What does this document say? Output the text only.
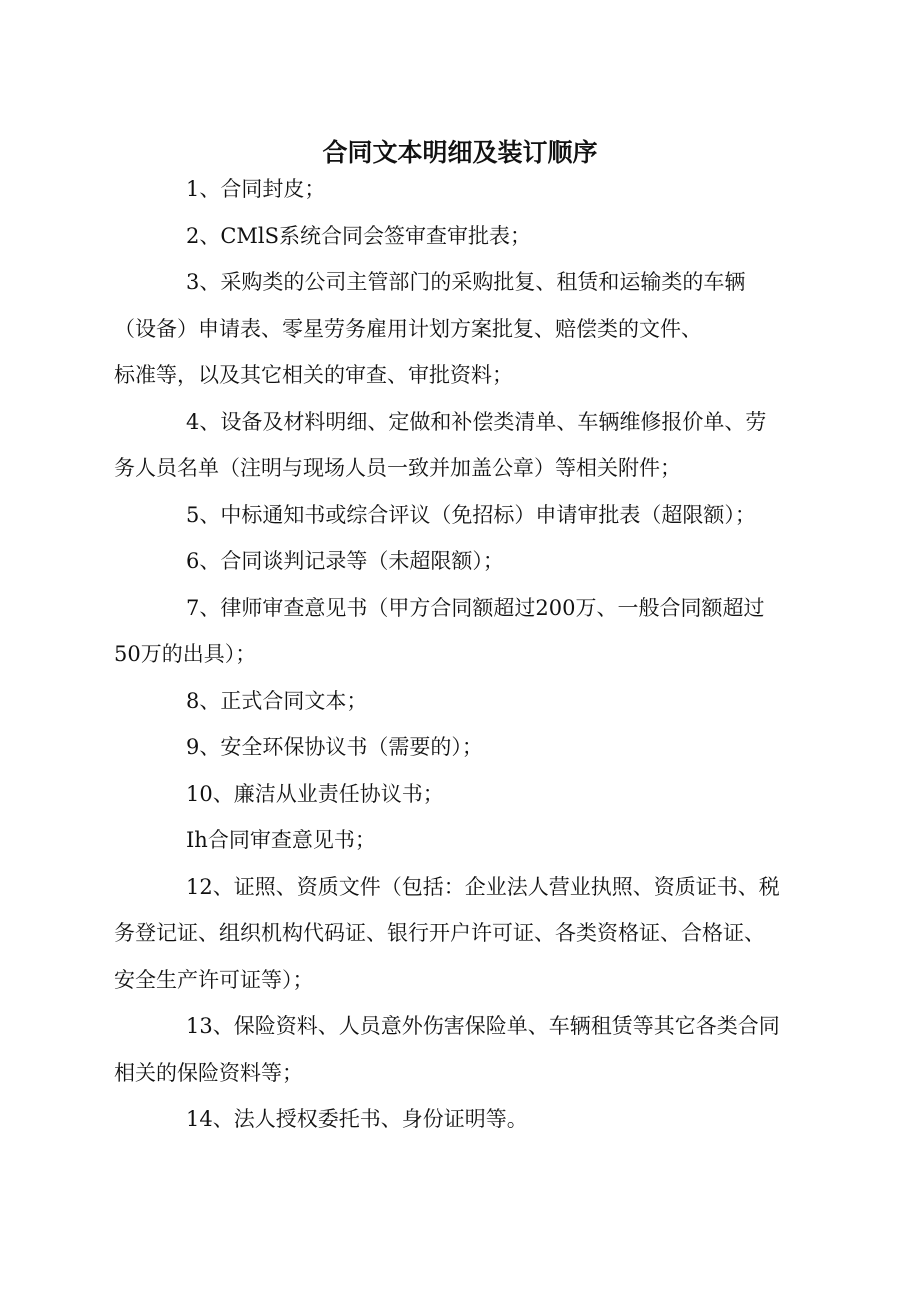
合同文本明细及装订顺序
1、合同封皮；
2、CMlS系统合同会签审查审批表；
3、采购类的公司主管部门的采购批复、租赁和运输类的车辆
（设备）申请表、零星劳务雇用计划方案批复、赔偿类的文件、
标准等，以及其它相关的审查、审批资料；
4、设备及材料明细、定做和补偿类清单、车辆维修报价单、劳
务人员名单（注明与现场人员一致并加盖公章）等相关附件；
5、中标通知书或综合评议（免招标）申请审批表（超限额）；
6、合同谈判记录等（未超限额）；
7、律师审查意见书（甲方合同额超过200万、一般合同额超过
50万的出具）；
8、正式合同文本；
9、安全环保协议书（需要的）；
10、廉洁从业责任协议书；
Ih合同审查意见书；
12、证照、资质文件（包括：企业法人营业执照、资质证书、税
务登记证、组织机构代码证、银行开户许可证、各类资格证、合格证、
安全生产许可证等）；
13、保险资料、人员意外伤害保险单、车辆租赁等其它各类合同
相关的保险资料等；
14、法人授权委托书、身份证明等。
